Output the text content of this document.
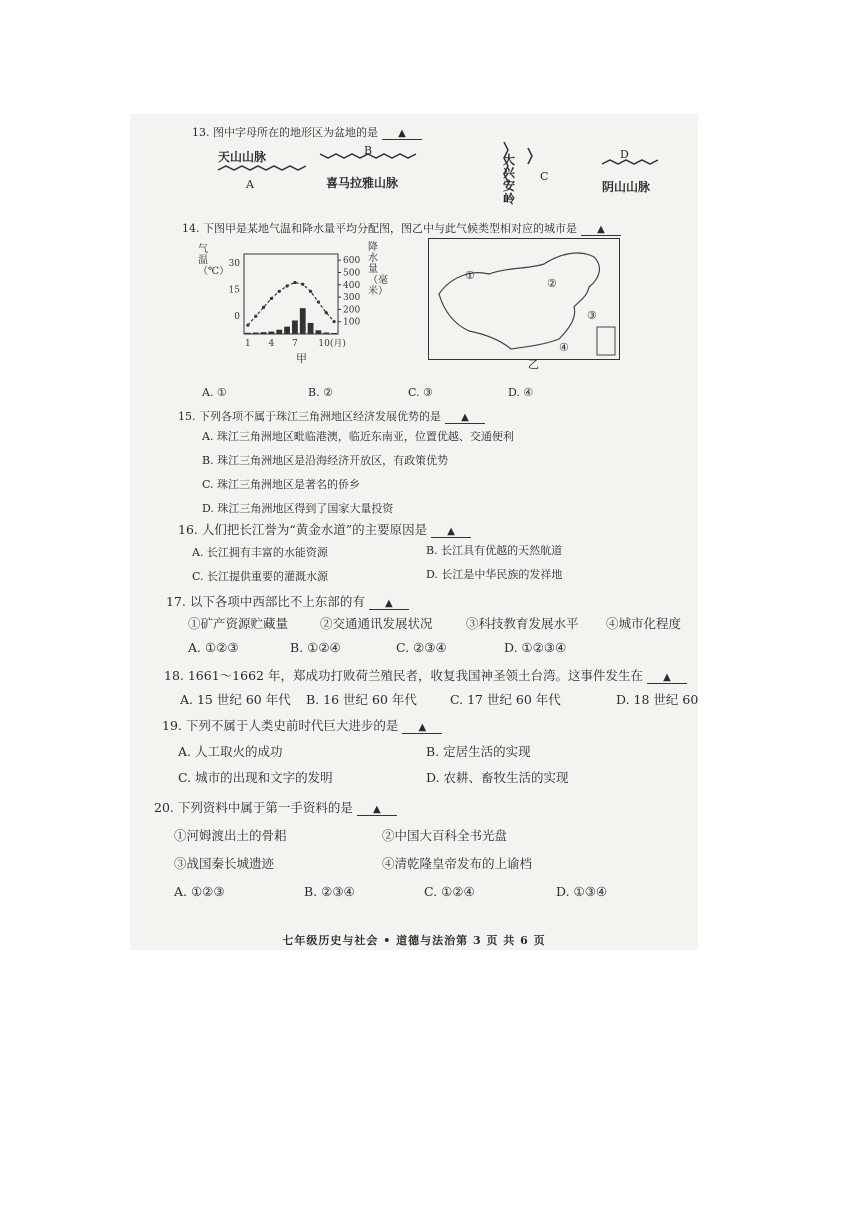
13. 图中字母所在的地形区为盆地的是 ▲
天山山脉
A
B
喜马拉雅山脉
大兴安岭
C
D
阴山山脉
14. 下图甲是某地气温和降水量平均分配图，图乙中与此气候类型相对应的城市是 ▲
600
500
400
300
200
100
30
15
0
1 4 7 10(月)
气温（℃）
降水量（毫米）
甲
①
②
③
④
乙
A. ①	B. ②	C. ③	D. ④
15. 下列各项不属于珠江三角洲地区经济发展优势的是 ▲
A. 珠江三角洲地区毗临港澳，临近东南亚，位置优越、交通便利
B. 珠江三角洲地区是沿海经济开放区，有政策优势
C. 珠江三角洲地区是著名的侨乡
D. 珠江三角洲地区得到了国家大量投资
16. 人们把长江誉为“黄金水道”的主要原因是 ▲
A. 长江拥有丰富的水能资源	B. 长江具有优越的天然航道
C. 长江提供重要的灌溉水源	D. 长江是中华民族的发祥地
17. 以下各项中西部比不上东部的有 ▲
①矿产资源贮藏量	②交通通讯发展状况	③科技教育发展水平 ④城市化程度
A. ①②③	B. ①②④	C. ②③④	D. ①②③④
18. 1661～1662 年，郑成功打败荷兰殖民者，收复我国神圣领土台湾。这事件发生在 ▲
A. 15 世纪 60 年代 B. 16 世纪 60 年代	C. 17 世纪 60 年代	D. 18 世纪 60
19. 下列不属于人类史前时代巨大进步的是 ▲
A. 人工取火的成功	B. 定居生活的实现
C. 城市的出现和文字的发明	D. 农耕、畜牧生活的实现
20. 下列资料中属于第一手资料的是 ▲
①河姆渡出土的骨耜	②中国大百科全书光盘
③战国秦长城遗迹	④清乾隆皇帝发布的上谕档
A. ①②③	B. ②③④	C. ①②④	D. ①③④
七年级历史与社会 • 道德与法治第 3 页 共 6 页
